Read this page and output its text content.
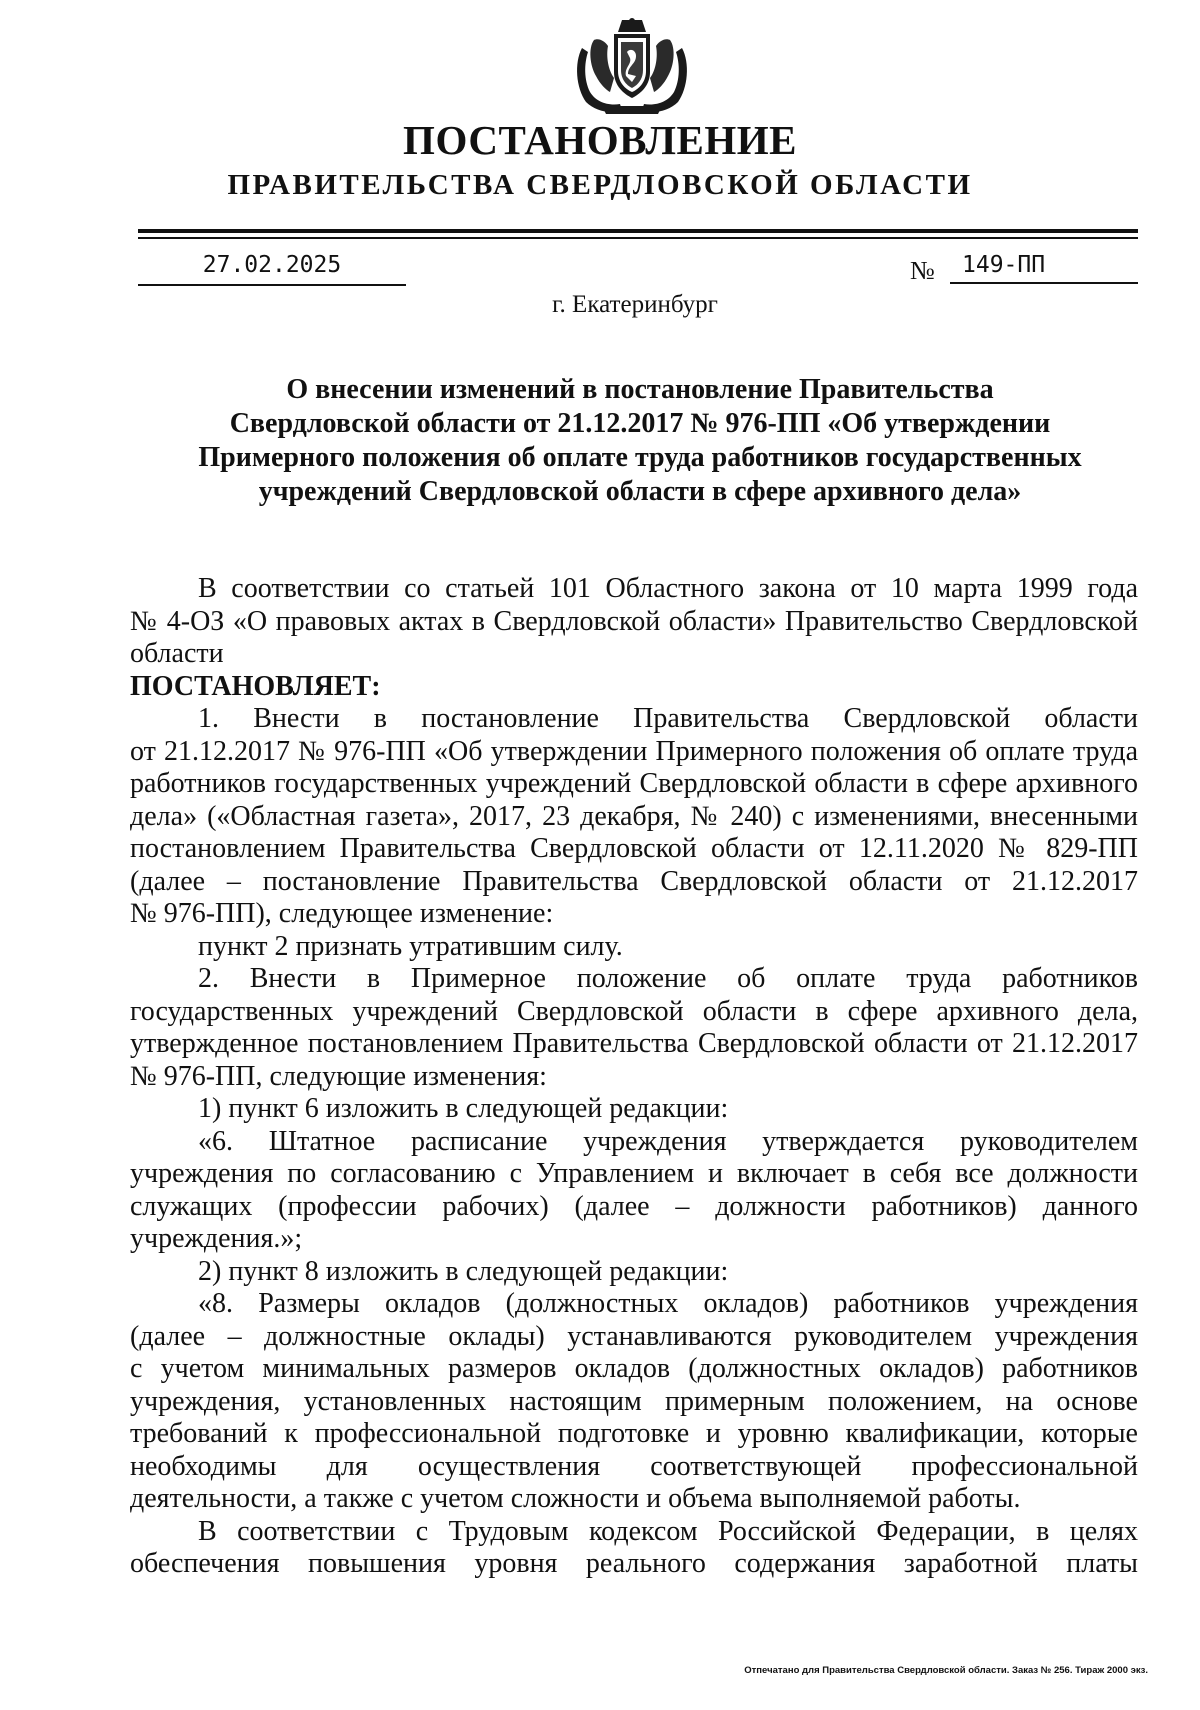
ПОСТАНОВЛЕНИЕ
ПРАВИТЕЛЬСТВА СВЕРДЛОВСКОЙ ОБЛАСТИ
27.02.2025	№	149-ПП
г. Екатеринбург
О внесении изменений в постановление Правительства
Свердловской области от 21.12.2017 № 976-ПП «Об утверждении
Примерного положения об оплате труда работников государственных
учреждений Свердловской области в сфере архивного дела»

В соответствии со статьей 101 Областного закона от 10 марта 1999 года

№ 4-ОЗ «О правовых актах в Свердловской области» Правительство Свердловской

области

ПОСТАНОВЛЯЕТ:

1. Внести в постановление Правительства Свердловской области

от 21.12.2017 № 976-ПП «Об утверждении Примерного положения об оплате труда

работников государственных учреждений Свердловской области в сфере архивного

дела» («Областная газета», 2017, 23 декабря, № 240) с изменениями, внесенными

постановлением Правительства Свердловской области от 12.11.2020 № 829-ПП

(далее – постановление Правительства Свердловской области от 21.12.2017

№ 976-ПП), следующее изменение:

пункт 2 признать утратившим силу.

2. Внести в Примерное положение об оплате труда работников

государственных учреждений Свердловской области в сфере архивного дела,

утвержденное постановлением Правительства Свердловской области от 21.12.2017

№ 976-ПП, следующие изменения:

1) пункт 6 изложить в следующей редакции:

«6. Штатное расписание учреждения утверждается руководителем

учреждения по согласованию с Управлением и включает в себя все должности

служащих (профессии рабочих) (далее – должности работников) данного

учреждения.»;

2) пункт 8 изложить в следующей редакции:

«8. Размеры окладов (должностных окладов) работников учреждения

(далее – должностные оклады) устанавливаются руководителем учреждения

с учетом минимальных размеров окладов (должностных окладов) работников

учреждения, установленных настоящим примерным положением, на основе

требований к профессиональной подготовке и уровню квалификации, которые

необходимы для осуществления соответствующей профессиональной

деятельности, а также с учетом сложности и объема выполняемой работы.

В соответствии с Трудовым кодексом Российской Федерации, в целях

обеспечения повышения уровня реального содержания заработной платы

Отпечатано для Правительства Свердловской области. Заказ № 256. Тираж 2000 экз.
